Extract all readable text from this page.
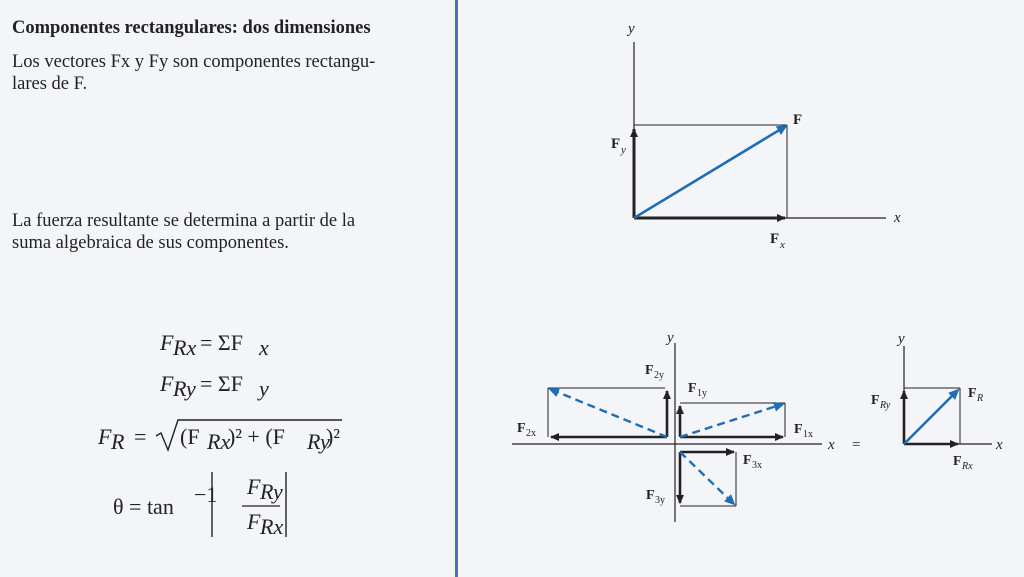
Componentes rectangulares: dos dimensiones
Los vectores Fx y Fy son componentes rectangu-
lares de F.
La fuerza resultante se determina a partir de la
suma algebraica de sus componentes.
F Rx = ΣF x
F Ry = ΣF y
F R = (F Rx
)² + (F Ry
)²
θ = tan −1 F Ry
F Rx
y
x
F
F y
F x
y
x
F 2y
F 1y
F 2x	F 1x
F 3x
F 3y
=
y
x
F Ry
F R
F Rx
